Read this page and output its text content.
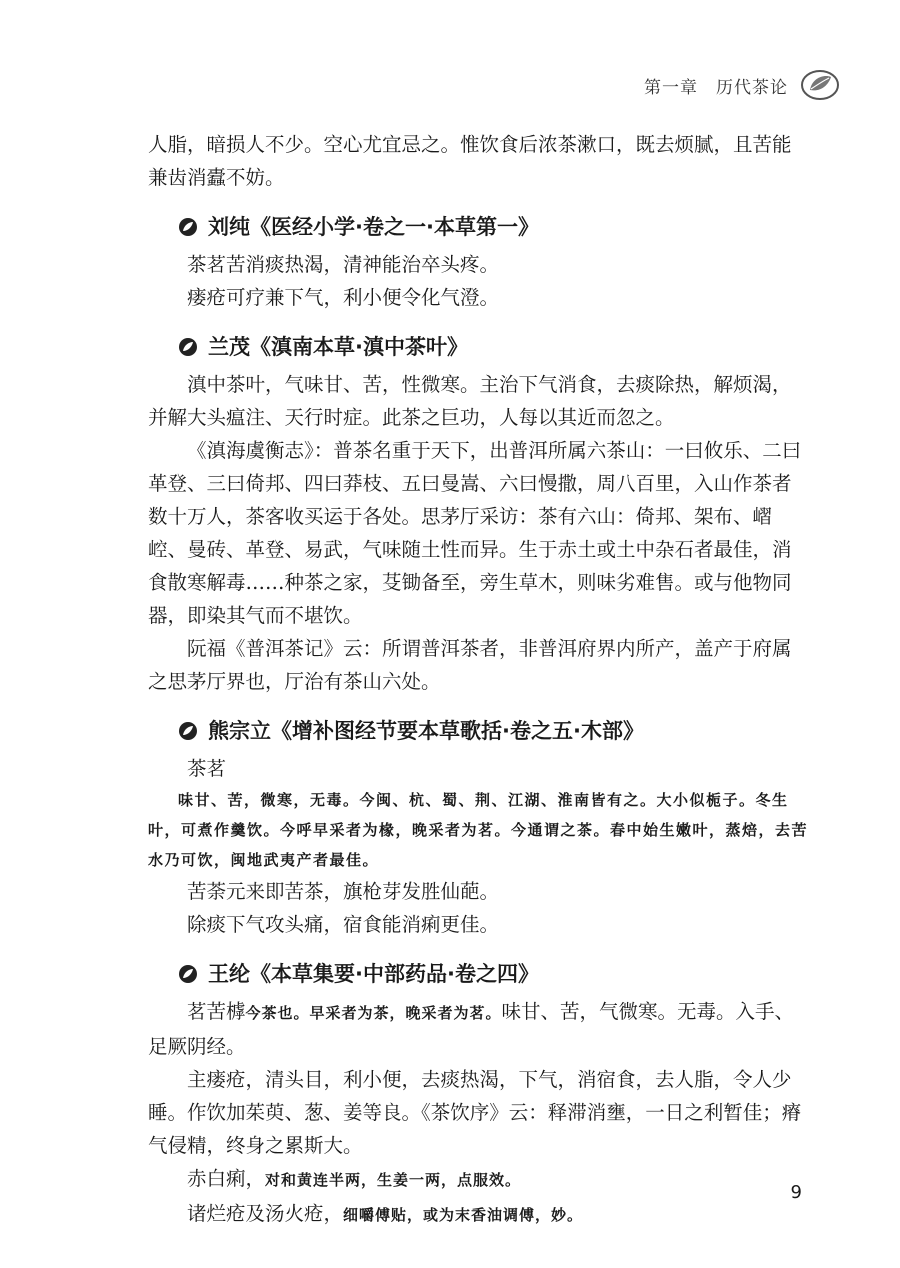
第一章　历代茶论

人脂，暗损人不少。空心尤宜忌之。惟饮食后浓茶漱口，既去烦腻，且苦能兼齿消蠹不妨。

刘纯《医经小学·卷之一·本草第一》

茶茗苦消痰热渴，清神能治卒头疼。

瘘疮可疗兼下气，利小便令化气澄。

兰茂《滇南本草·滇中茶叶》

滇中茶叶，气味甘、苦，性微寒。主治下气消食，去痰除热，解烦渴，并解大头瘟注、天行时症。此茶之巨功，人每以其近而忽之。

《滇海虞衡志》：普茶名重于天下，出普洱所属六茶山：一曰攸乐、二曰革登、三曰倚邦、四曰莽枝、五曰曼嵩、六曰慢撒，周八百里，入山作茶者数十万人，茶客收买运于各处。思茅厅采访：茶有六山：倚邦、架布、嶍崆、曼砖、革登、易武，气味随土性而异。生于赤土或土中杂石者最佳，消食散寒解毒……种茶之家，芟锄备至，旁生草木，则味劣难售。或与他物同器，即染其气而不堪饮。

阮福《普洱茶记》云：所谓普洱茶者，非普洱府界内所产，盖产于府属之思茅厅界也，厅治有茶山六处。

熊宗立《增补图经节要本草歌括·卷之五·木部》

茶茗

味甘、苦，微寒，无毒。今闽、杭、蜀、荆、江湖、淮南皆有之。大小似栀子。冬生叶，可煮作羹饮。今呼早采者为椽，晚采者为茗。今通谓之茶。春中始生嫩叶，蒸焙，去苦水乃可饮，闽地武夷产者最佳。

苦荼元来即苦茶，旗枪芽发胜仙葩。

除痰下气攻头痛，宿食能消痢更佳。

王纶《本草集要·中部药品·卷之四》

茗苦㯉今茶也。早采者为茶，晚采者为茗。味甘、苦，气微寒。无毒。入手、足厥阴经。

主瘘疮，清头目，利小便，去痰热渴，下气，消宿食，去人脂，令人少睡。作饮加茱萸、葱、姜等良。《茶饮序》云：释滞消壅，一日之利暂佳；瘠气侵精，终身之累斯大。

赤白痢，对和黄连半两，生姜一两，点服效。

诸烂疮及汤火疮，细嚼傅贴，或为末香油调傅，妙。

9
